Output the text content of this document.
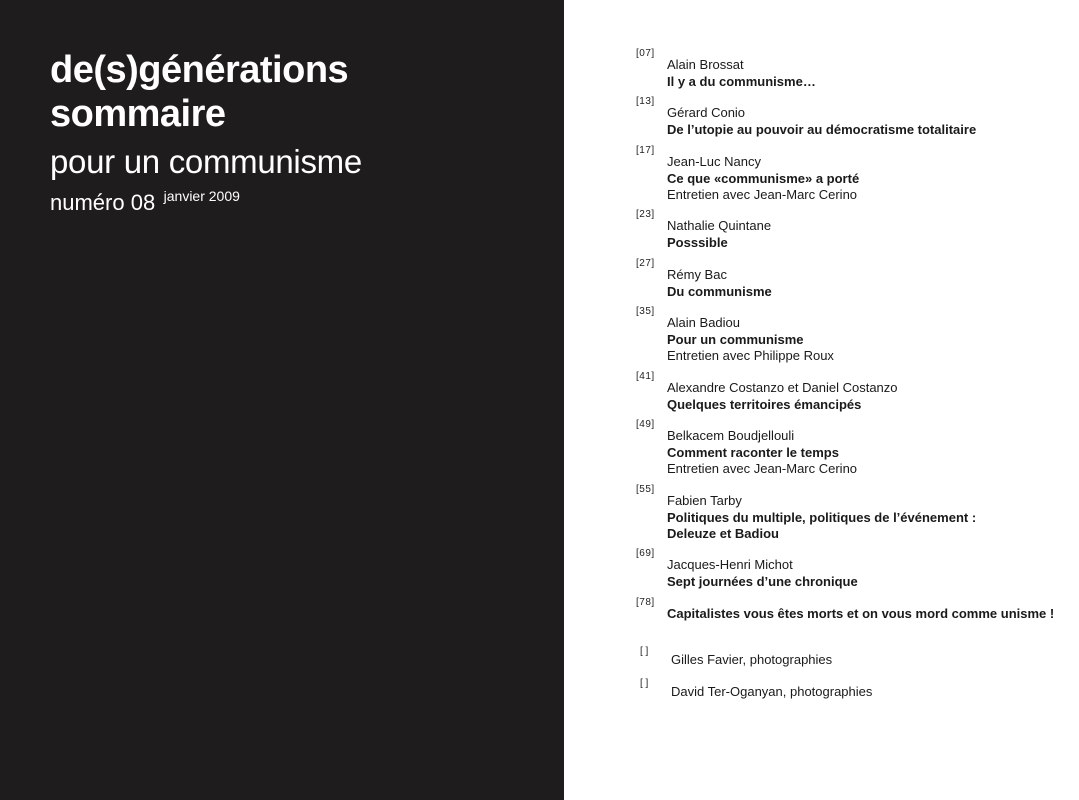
de(s)générations
sommaire
pour un communisme
numéro 08 janvier 2009
[07]
Alain Brossat
Il y a du communisme…
[13]
Gérard Conio
De l’utopie au pouvoir au démocratisme totalitaire
[17]
Jean-Luc Nancy
Ce que «communisme» a porté
Entretien avec Jean-Marc Cerino
[23]
Nathalie Quintane
Posssible
[27]
Rémy Bac
Du communisme
[35]
Alain Badiou
Pour un communisme
Entretien avec Philippe Roux
[41]
Alexandre Costanzo et Daniel Costanzo
Quelques territoires émancipés
[49]
Belkacem Boudjellouli
Comment raconter le temps
Entretien avec Jean-Marc Cerino
[55]
Fabien Tarby
Politiques du multiple, politiques de l’événement : Deleuze et Badiou
[69]
Jacques-Henri Michot
Sept journées d’une chronique
[78]
Capitalistes vous êtes morts et on vous mord comme unisme !
[ ]
Gilles Favier, photographies
[ ]
David Ter-Oganyan, photographies
